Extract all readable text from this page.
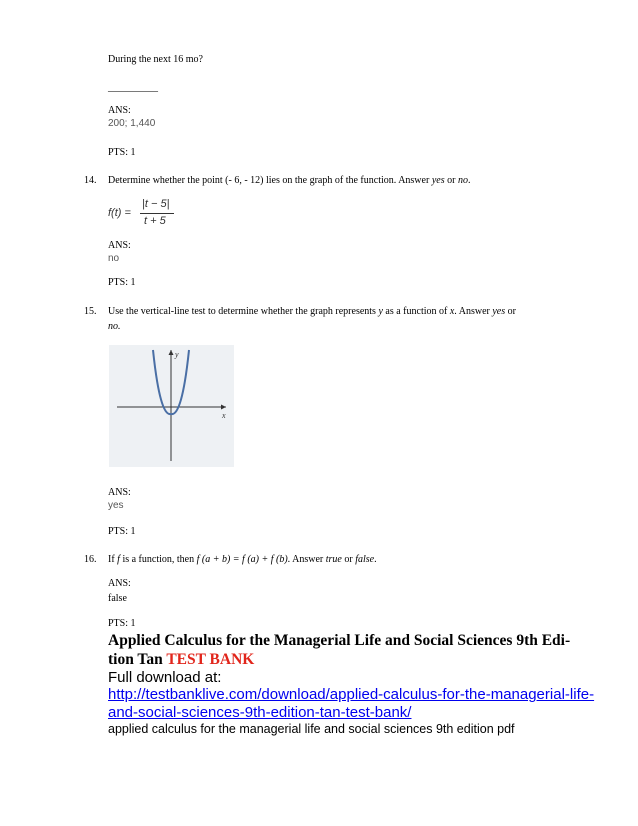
During the next 16 mo?
__________
ANS:
200; 1,440
PTS: 1
14. Determine whether the point (- 6, - 12) lies on the graph of the function. Answer yes or no.
f(t) =
|t − 5|
t + 5
ANS:
no
PTS: 1
15. Use the vertical-line test to determine whether the graph represents y as a function of x. Answer yes or
no.
x
y
ANS:
yes
PTS: 1
16. If f is a function, then f (a + b) = f (a) + f (b). Answer true or false.
ANS:
false
PTS: 1
Applied Calculus for the Managerial Life and Social Sciences 9th Edi-
tion Tan TEST BANK
Full download at:
http://testbanklive.com/download/applied-calculus-for-the-managerial-life-
and-social-sciences-9th-edition-tan-test-bank/
applied calculus for the managerial life and social sciences 9th edition pdf
